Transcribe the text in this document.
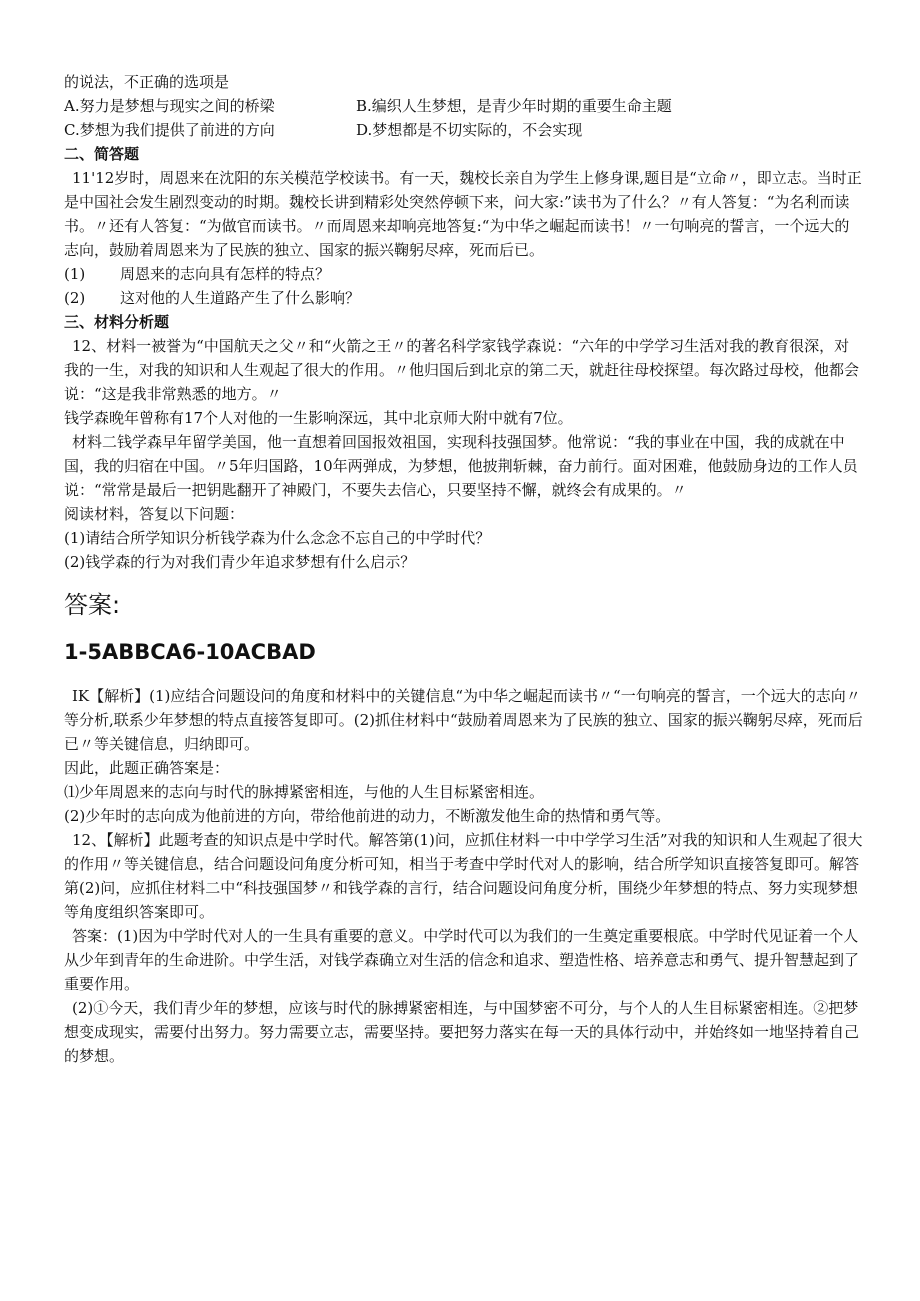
的说法，不正确的选项是

A.努力是梦想与现实之间的桥梁	B.编织人生梦想，是青少年时期的重要生命主题
C.梦想为我们提供了前进的方向	D.梦想都是不切实际的，不会实现

二、简答题

11'12岁时，周恩来在沈阳的东关模范学校读书。有一天，魏校长亲自为学生上修身课,题目是“立命〃，即立志。当时正是中国社会发生剧烈变动的时期。魏校长讲到精彩处突然停顿下来，问大家:”读书为了什么？〃有人答复：“为名利而读书。〃还有人答复：“为做官而读书。〃而周恩来却响亮地答复:“为中华之崛起而读书！〃一句响亮的誓言，一个远大的志向，鼓励着周恩来为了民族的独立、国家的振兴鞠躬尽瘁，死而后已。

(1)	周恩来的志向具有怎样的特点？
(2)	这对他的人生道路产生了什么影响？

三、材料分析题

12、材料一被誉为“中国航天之父〃和“火箭之王〃的著名科学家钱学森说：“六年的中学学习生活对我的教育很深，对我的一生，对我的知识和人生观起了很大的作用。〃他归国后到北京的第二天，就赶往母校探望。每次路过母校，他都会说：“这是我非常熟悉的地方。〃

钱学森晚年曾称有17个人对他的一生影响深远，其中北京师大附中就有7位。

材料二钱学森早年留学美国，他一直想着回国报效祖国，实现科技强国梦。他常说：“我的事业在中国，我的成就在中国，我的归宿在中国。〃5年归国路，10年两弹成，为梦想，他披荆斩棘，奋力前行。面对困难，他鼓励身边的工作人员说：“常常是最后一把钥匙翻开了神殿门，不要失去信心，只要坚持不懈，就终会有成果的。〃

阅读材料，答复以下问题：

(1)请结合所学知识分析钱学森为什么念念不忘自己的中学时代？

(2)钱学森的行为对我们青少年追求梦想有什么启示？

答案:

1-5ABBCA6-10ACBAD

IK【解析】(1)应结合问题设问的角度和材料中的关键信息“为中华之崛起而读书〃“一句响亮的誓言，一个远大的志向〃等分析,联系少年梦想的特点直接答复即可。(2)抓住材料中“鼓励着周恩来为了民族的独立、国家的振兴鞠躬尽瘁，死而后已〃等关键信息，归纳即可。

因此，此题正确答案是：

⑴少年周恩来的志向与时代的脉搏紧密相连，与他的人生目标紧密相连。

(2)少年时的志向成为他前进的方向，带给他前进的动力，不断激发他生命的热情和勇气等。

12、【解析】此题考查的知识点是中学时代。解答第(1)问，应抓住材料一中中学学习生活”对我的知识和人生观起了很大的作用〃等关键信息，结合问题设问角度分析可知，相当于考查中学时代对人的影响，结合所学知识直接答复即可。解答第(2)问，应抓住材料二中“科技强国梦〃和钱学森的言行，结合问题设问角度分析，围绕少年梦想的特点、努力实现梦想等角度组织答案即可。

答案：(1)因为中学时代对人的一生具有重要的意义。中学时代可以为我们的一生奠定重要根底。中学时代见证着一个人从少年到青年的生命进阶。中学生活，对钱学森确立对生活的信念和追求、塑造性格、培养意志和勇气、提升智慧起到了重要作用。

(2)①今天，我们青少年的梦想，应该与时代的脉搏紧密相连，与中国梦密不可分，与个人的人生目标紧密相连。②把梦想变成现实，需要付出努力。努力需要立志，需要坚持。要把努力落实在每一天的具体行动中，并始终如一地坚持着自己的梦想。
